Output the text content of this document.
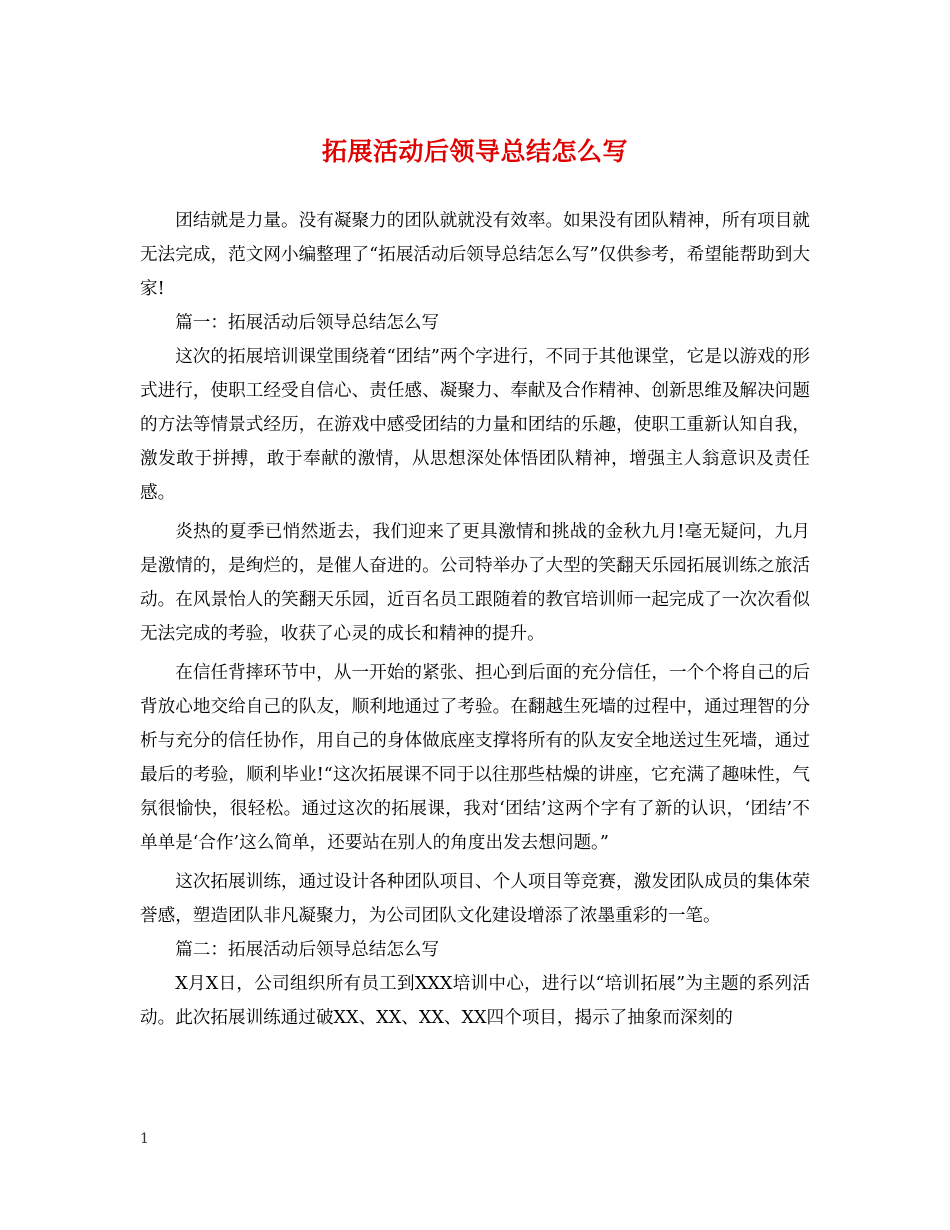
拓展活动后领导总结怎么写

团结就是力量。没有凝聚力的团队就就没有效率。如果没有团队精神，所有项目就无法完成，范文网小编整理了“拓展活动后领导总结怎么写”仅供参考，希望能帮助到大家!

篇一：拓展活动后领导总结怎么写

这次的拓展培训课堂围绕着“团结”两个字进行，不同于其他课堂，它是以游戏的形式进行，使职工经受自信心、责任感、凝聚力、奉献及合作精神、创新思维及解决问题的方法等情景式经历，在游戏中感受团结的力量和团结的乐趣，使职工重新认知自我，激发敢于拼搏，敢于奉献的激情，从思想深处体悟团队精神，增强主人翁意识及责任感。

炎热的夏季已悄然逝去，我们迎来了更具激情和挑战的金秋九月!毫无疑问，九月是激情的，是绚烂的，是催人奋进的。公司特举办了大型的笑翻天乐园拓展训练之旅活动。在风景怡人的笑翻天乐园，近百名员工跟随着的教官培训师一起完成了一次次看似无法完成的考验，收获了心灵的成长和精神的提升。

在信任背摔环节中，从一开始的紧张、担心到后面的充分信任，一个个将自己的后背放心地交给自己的队友，顺利地通过了考验。在翻越生死墙的过程中，通过理智的分析与充分的信任协作，用自己的身体做底座支撑将所有的队友安全地送过生死墙，通过最后的考验，顺利毕业!“这次拓展课不同于以往那些枯燥的讲座，它充满了趣味性，气氛很愉快，很轻松。通过这次的拓展课，我对‘团结’这两个字有了新的认识，‘团结’不单单是‘合作’这么简单，还要站在别人的角度出发去想问题。”

这次拓展训练，通过设计各种团队项目、个人项目等竞赛，激发团队成员的集体荣誉感，塑造团队非凡凝聚力，为公司团队文化建设增添了浓墨重彩的一笔。

篇二：拓展活动后领导总结怎么写

X月X日，公司组织所有员工到XXX培训中心，进行以“培训拓展”为主题的系列活动。此次拓展训练通过破XX、XX、XX、XX四个项目，揭示了抽象而深刻的

1
